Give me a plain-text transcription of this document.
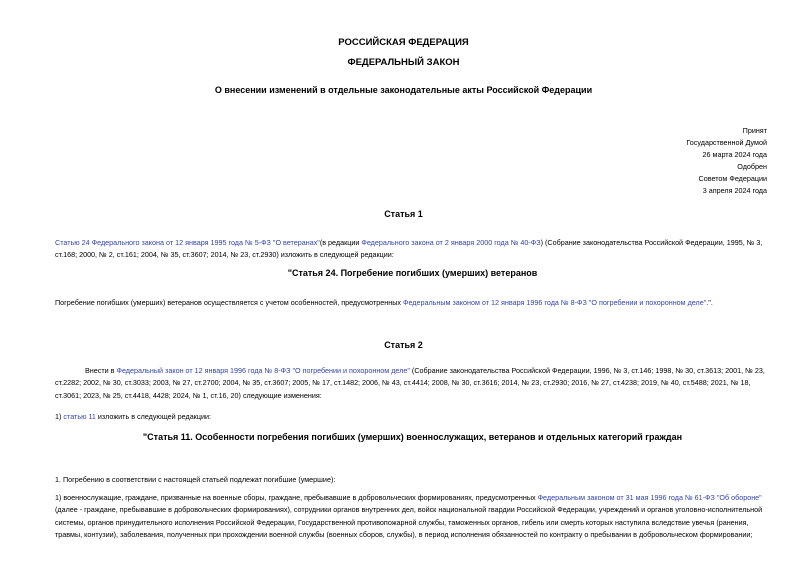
РОССИЙСКАЯ ФЕДЕРАЦИЯ
ФЕДЕРАЛЬНЫЙ ЗАКОН
О внесении изменений в отдельные законодательные акты Российской Федерации
Принят
Государственной Думой
26 марта 2024 года
Одобрен
Советом Федерации
3 апреля 2024 года
Статья 1
Статью 24 Федерального закона от 12 января 1995 года № 5-ФЗ "О ветеранах"(в редакции Федерального закона от 2 января 2000 года № 40-ФЗ) (Собрание законодательства Российской Федерации, 1995, № 3, ст.168; 2000, № 2, ст.161; 2004, № 35, ст.3607; 2014, № 23, ст.2930) изложить в следующей редакции:
"Статья 24. Погребение погибших (умерших) ветеранов
Погребение погибших (умерших) ветеранов осуществляется с учетом особенностей, предусмотренных Федеральным законом от 12 января 1996 года № 8-ФЗ "О погребении и похоронном деле".".
Статья 2
Внести в Федеральный закон от 12 января 1996 года № 8-ФЗ "О погребении и похоронном деле" (Собрание законодательства Российской Федерации, 1996, № 3, ст.146; 1998, № 30, ст.3613; 2001, № 23, ст.2282; 2002, № 30, ст.3033; 2003, № 27, ст.2700; 2004, № 35, ст.3607; 2005, № 17, ст.1482; 2006, № 43, ст.4414; 2008, № 30, ст.3616; 2014, № 23, ст.2930; 2016, № 27, ст.4238; 2019, № 40, ст.5488; 2021, № 18, ст.3061; 2023, № 25, ст.4418, 4428; 2024, № 1, ст.16, 20) следующие изменения:
1) статью 11 изложить в следующей редакции:
"Статья 11. Особенности погребения погибших (умерших) военнослужащих, ветеранов и отдельных категорий граждан
1. Погребению в соответствии с настоящей статьей подлежат погибшие (умершие):
1) военнослужащие, граждане, призванные на военные сборы, граждане, пребывавшие в добровольческих формированиях, предусмотренных Федеральным законом от 31 мая 1996 года № 61-ФЗ "Об обороне" (далее - граждане, пребывавшие в добровольческих формированиях), сотрудники органов внутренних дел, войск национальной гвардии Российской Федерации, учреждений и органов уголовно-исполнительной системы, органов принудительного исполнения Российской Федерации, Государственной противопожарной службы, таможенных органов, гибель или смерть которых наступила вследствие увечья (ранения, травмы, контузии), заболевания, полученных при прохождении военной службы (военных сборов, службы), в период исполнения обязанностей по контракту о пребывании в добровольческом формировании;
